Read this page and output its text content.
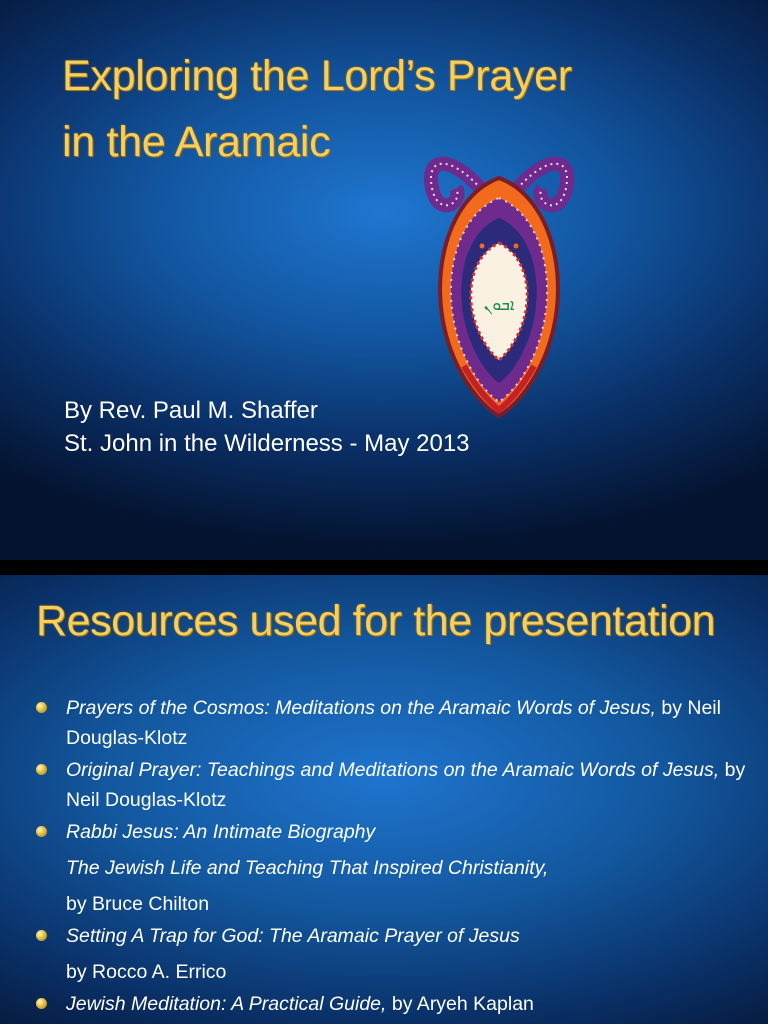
Exploring the Lord’s Prayer
in the Aramaic
ܐܒܘܢ
By Rev. Paul M. Shaffer
St. John in the Wilderness - May 2013
Resources used for the presentation
Prayers of the Cosmos: Meditations on the Aramaic Words of Jesus, by Neil Douglas-Klotz
Original Prayer: Teachings and Meditations on the Aramaic Words of Jesus, by Neil Douglas-Klotz
Rabbi Jesus: An Intimate Biography
The Jewish Life and Teaching That Inspired Christianity,
by Bruce Chilton
Setting A Trap for God: The Aramaic Prayer of Jesus
by Rocco A. Errico
Jewish Meditation: A Practical Guide, by Aryeh Kaplan
